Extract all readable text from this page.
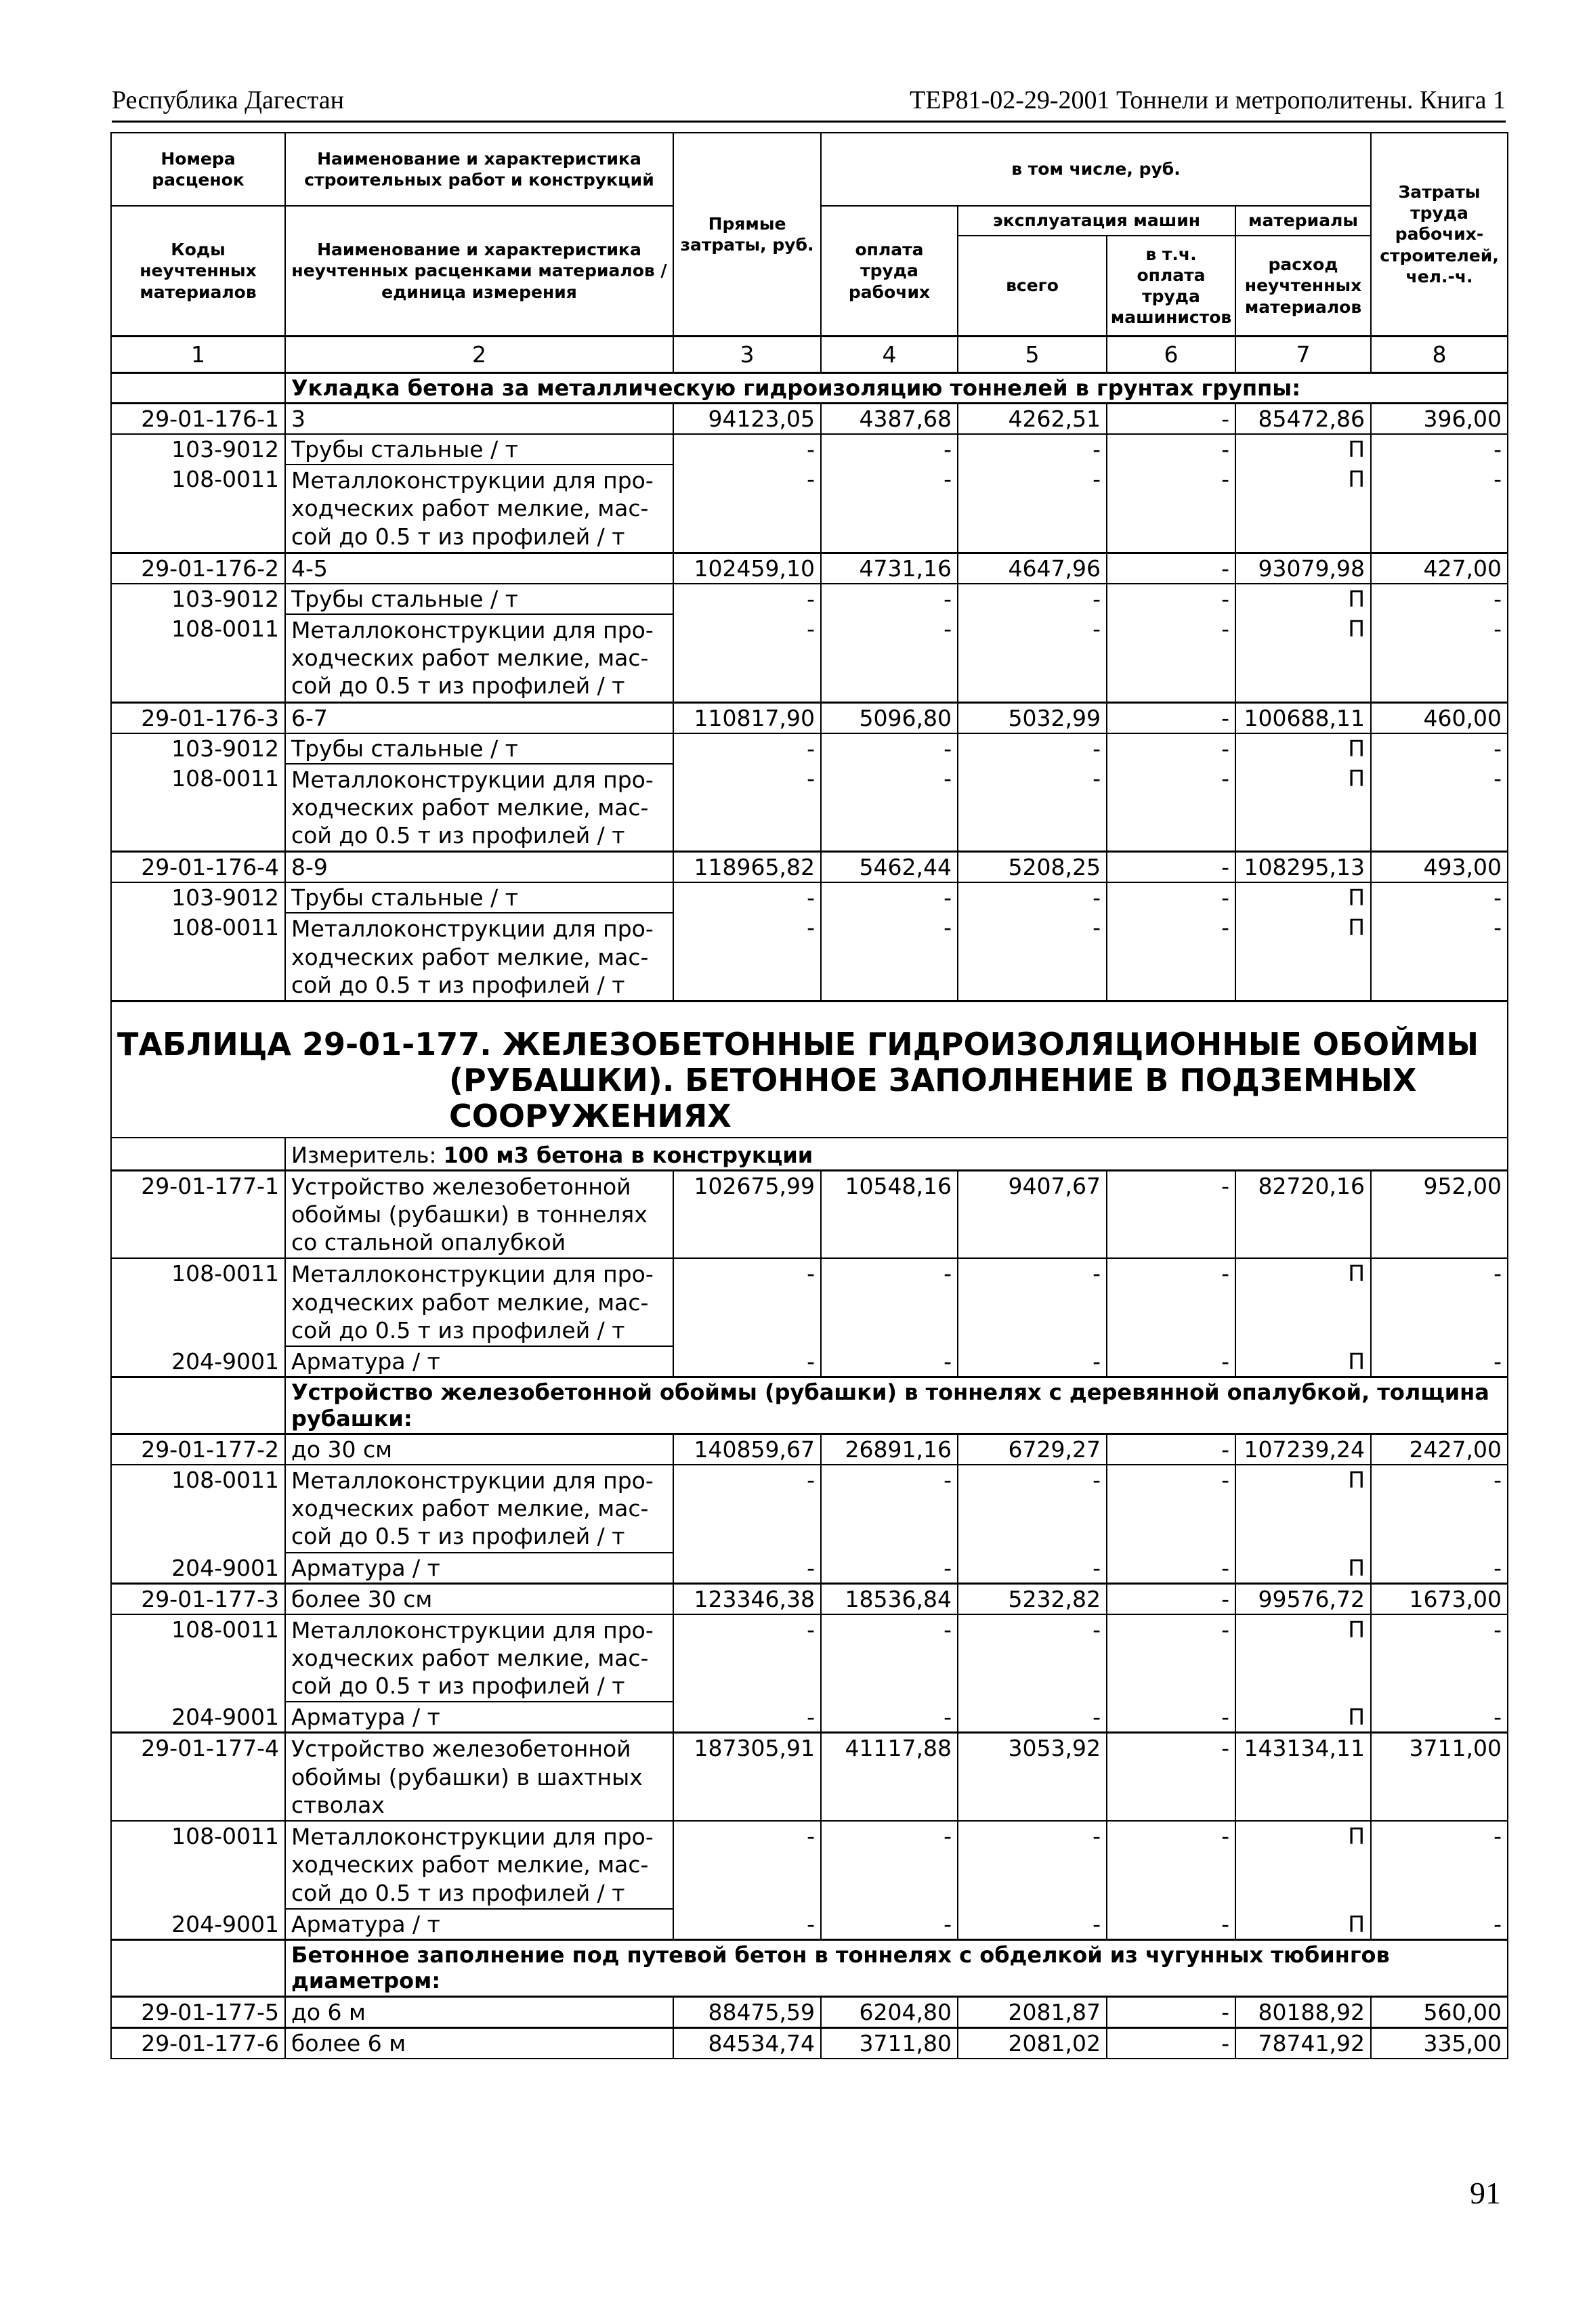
Республика Дагестан	ТЕР81-02-29-2001 Тоннели и метрополитены. Книга 1
Номера расценок	Наименование и характеристика строительных работ и конструкций	Прямые затраты, руб.	в том числе, руб.				Затраты труда рабочих-строителей, чел.-ч.
Коды неучтенных материалов	Наименование и характеристика неучтенных расценками материалов / единица измерения		оплата труда рабочих	эксплуатация машин		материалы	
				всего	в т.ч. оплата труда машинистов	расход неучтенных материалов	
1	2	3	4	5	6	7	8
	Укладка бетона за металлическую гидроизоляцию тоннелей в грунтах группы:						
29-01-176-1	3	94123,05	4387,68	4262,51	-	85472,86	396,00
103-9012	Трубы стальные / т	-	-	-	-	П	-
108-0011	Металлоконструкции для про-
ходческих работ мелкие, мас-
сой до 0.5 т из профилей / т	-	-	-	-	П	-
29-01-176-2	4-5	102459,10	4731,16	4647,96	-	93079,98	427,00
103-9012	Трубы стальные / т	-	-	-	-	П	-
108-0011	Металлоконструкции для про-
ходческих работ мелкие, мас-
сой до 0.5 т из профилей / т	-	-	-	-	П	-
29-01-176-3	6-7	110817,90	5096,80	5032,99	-	100688,11	460,00
103-9012	Трубы стальные / т	-	-	-	-	П	-
108-0011	Металлоконструкции для про-
ходческих работ мелкие, мас-
сой до 0.5 т из профилей / т	-	-	-	-	П	-
29-01-176-4	8-9	118965,82	5462,44	5208,25	-	108295,13	493,00
103-9012	Трубы стальные / т	-	-	-	-	П	-
108-0011	Металлоконструкции для про-
ходческих работ мелкие, мас-
сой до 0.5 т из профилей / т	-	-	-	-	П	-
ТАБЛИЦА 29-01-177. ЖЕЛЕЗОБЕТОННЫЕ ГИДРОИЗОЛЯЦИОННЫЕ ОБОЙМЫ
(РУБАШКИ). БЕТОННОЕ ЗАПОЛНЕНИЕ В ПОДЗЕМНЫХ
СООРУЖЕНИЯХ							

	Измеритель: 100 м3 бетона в конструкции						
29-01-177-1	Устройство железобетонной
обоймы (рубашки) в тоннелях
со стальной опалубкой	102675,99	10548,16	9407,67	-	82720,16	952,00
108-0011	Металлоконструкции для про-
ходческих работ мелкие, мас-
сой до 0.5 т из профилей / т	-	-	-	-	П	-
204-9001	Арматура / т	-	-	-	-	П	-
	Устройство железобетонной обоймы (рубашки) в тоннелях с деревянной опалубкой, толщина рубашки:						
29-01-177-2	до 30 см	140859,67	26891,16	6729,27	-	107239,24	2427,00
108-0011	Металлоконструкции для про-
ходческих работ мелкие, мас-
сой до 0.5 т из профилей / т	-	-	-	-	П	-
204-9001	Арматура / т	-	-	-	-	П	-
29-01-177-3	более 30 см	123346,38	18536,84	5232,82	-	99576,72	1673,00
108-0011	Металлоконструкции для про-
ходческих работ мелкие, мас-
сой до 0.5 т из профилей / т	-	-	-	-	П	-
204-9001	Арматура / т	-	-	-	-	П	-
29-01-177-4	Устройство железобетонной
обоймы (рубашки) в шахтных
стволах	187305,91	41117,88	3053,92	-	143134,11	3711,00
108-0011	Металлоконструкции для про-
ходческих работ мелкие, мас-
сой до 0.5 т из профилей / т	-	-	-	-	П	-
204-9001	Арматура / т	-	-	-	-	П	-
	Бетонное заполнение под путевой бетон в тоннелях с обделкой из чугунных тюбингов диаметром:						
29-01-177-5	до 6 м	88475,59	6204,80	2081,87	-	80188,92	560,00
29-01-177-6	более 6 м	84534,74	3711,80	2081,02	-	78741,92	335,00
91
